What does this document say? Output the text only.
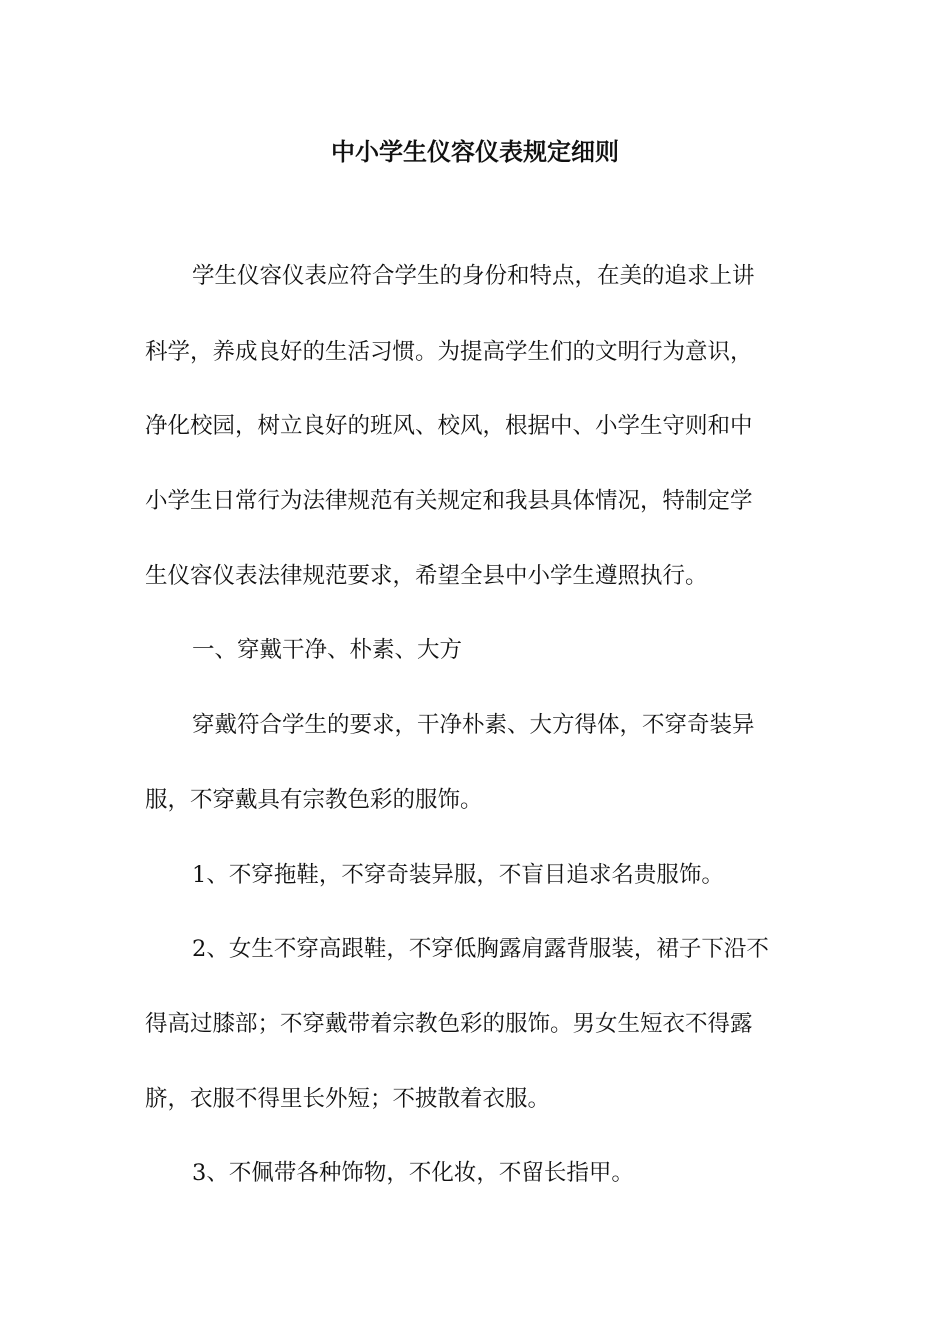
中小学生仪容仪表规定细则
学生仪容仪表应符合学生的身份和特点，在美的追求上讲
科学，养成良好的生活习惯。为提高学生们的文明行为意识，
净化校园，树立良好的班风、校风，根据中、小学生守则和中
小学生日常行为法律规范有关规定和我县具体情况，特制定学
生仪容仪表法律规范要求，希望全县中小学生遵照执行。
一、穿戴干净、朴素、大方
穿戴符合学生的要求，干净朴素、大方得体，不穿奇装异
服，不穿戴具有宗教色彩的服饰。
1、不穿拖鞋，不穿奇装异服，不盲目追求名贵服饰。
2、女生不穿高跟鞋，不穿低胸露肩露背服装，裙子下沿不
得高过膝部；不穿戴带着宗教色彩的服饰。男女生短衣不得露
脐，衣服不得里长外短；不披散着衣服。
3、不佩带各种饰物，不化妆，不留长指甲。
